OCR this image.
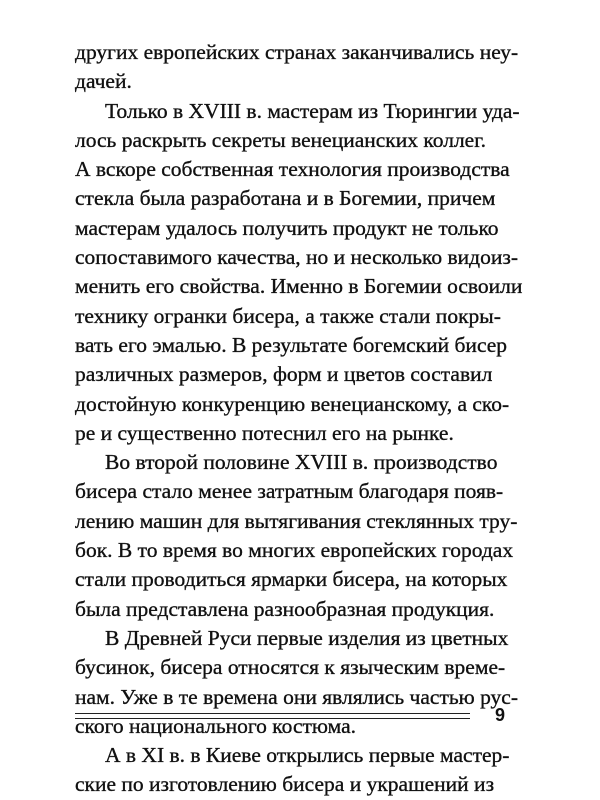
других европейских странах заканчивались неу-
дачей.
Только в XVIII в. мастерам из Тюрингии уда-
лось раскрыть секреты венецианских коллег.
А вскоре собственная технология производства
стекла была разработана и в Богемии, причем
мастерам удалось получить продукт не только
сопоставимого качества, но и несколько видоиз-
менить его свойства. Именно в Богемии освоили
технику огранки бисера, а также стали покры-
вать его эмалью. В результате богемский бисер
различных размеров, форм и цветов составил
достойную конкуренцию венецианскому, а ско-
ре и существенно потеснил его на рынке.
Во второй половине XVIII в. производство
бисера стало менее затратным благодаря появ-
лению машин для вытягивания стеклянных тру-
бок. В то время во многих европейских городах
стали проводиться ярмарки бисера, на которых
была представлена разнообразная продукция.
В Древней Руси первые изделия из цветных
бусинок, бисера относятся к языческим време-
нам. Уже в те времена они являлись частью рус-
ского национального костюма.
А в XI в. в Киеве открылись первые мастер-
ские по изготовлению бисера и украшений из
9
